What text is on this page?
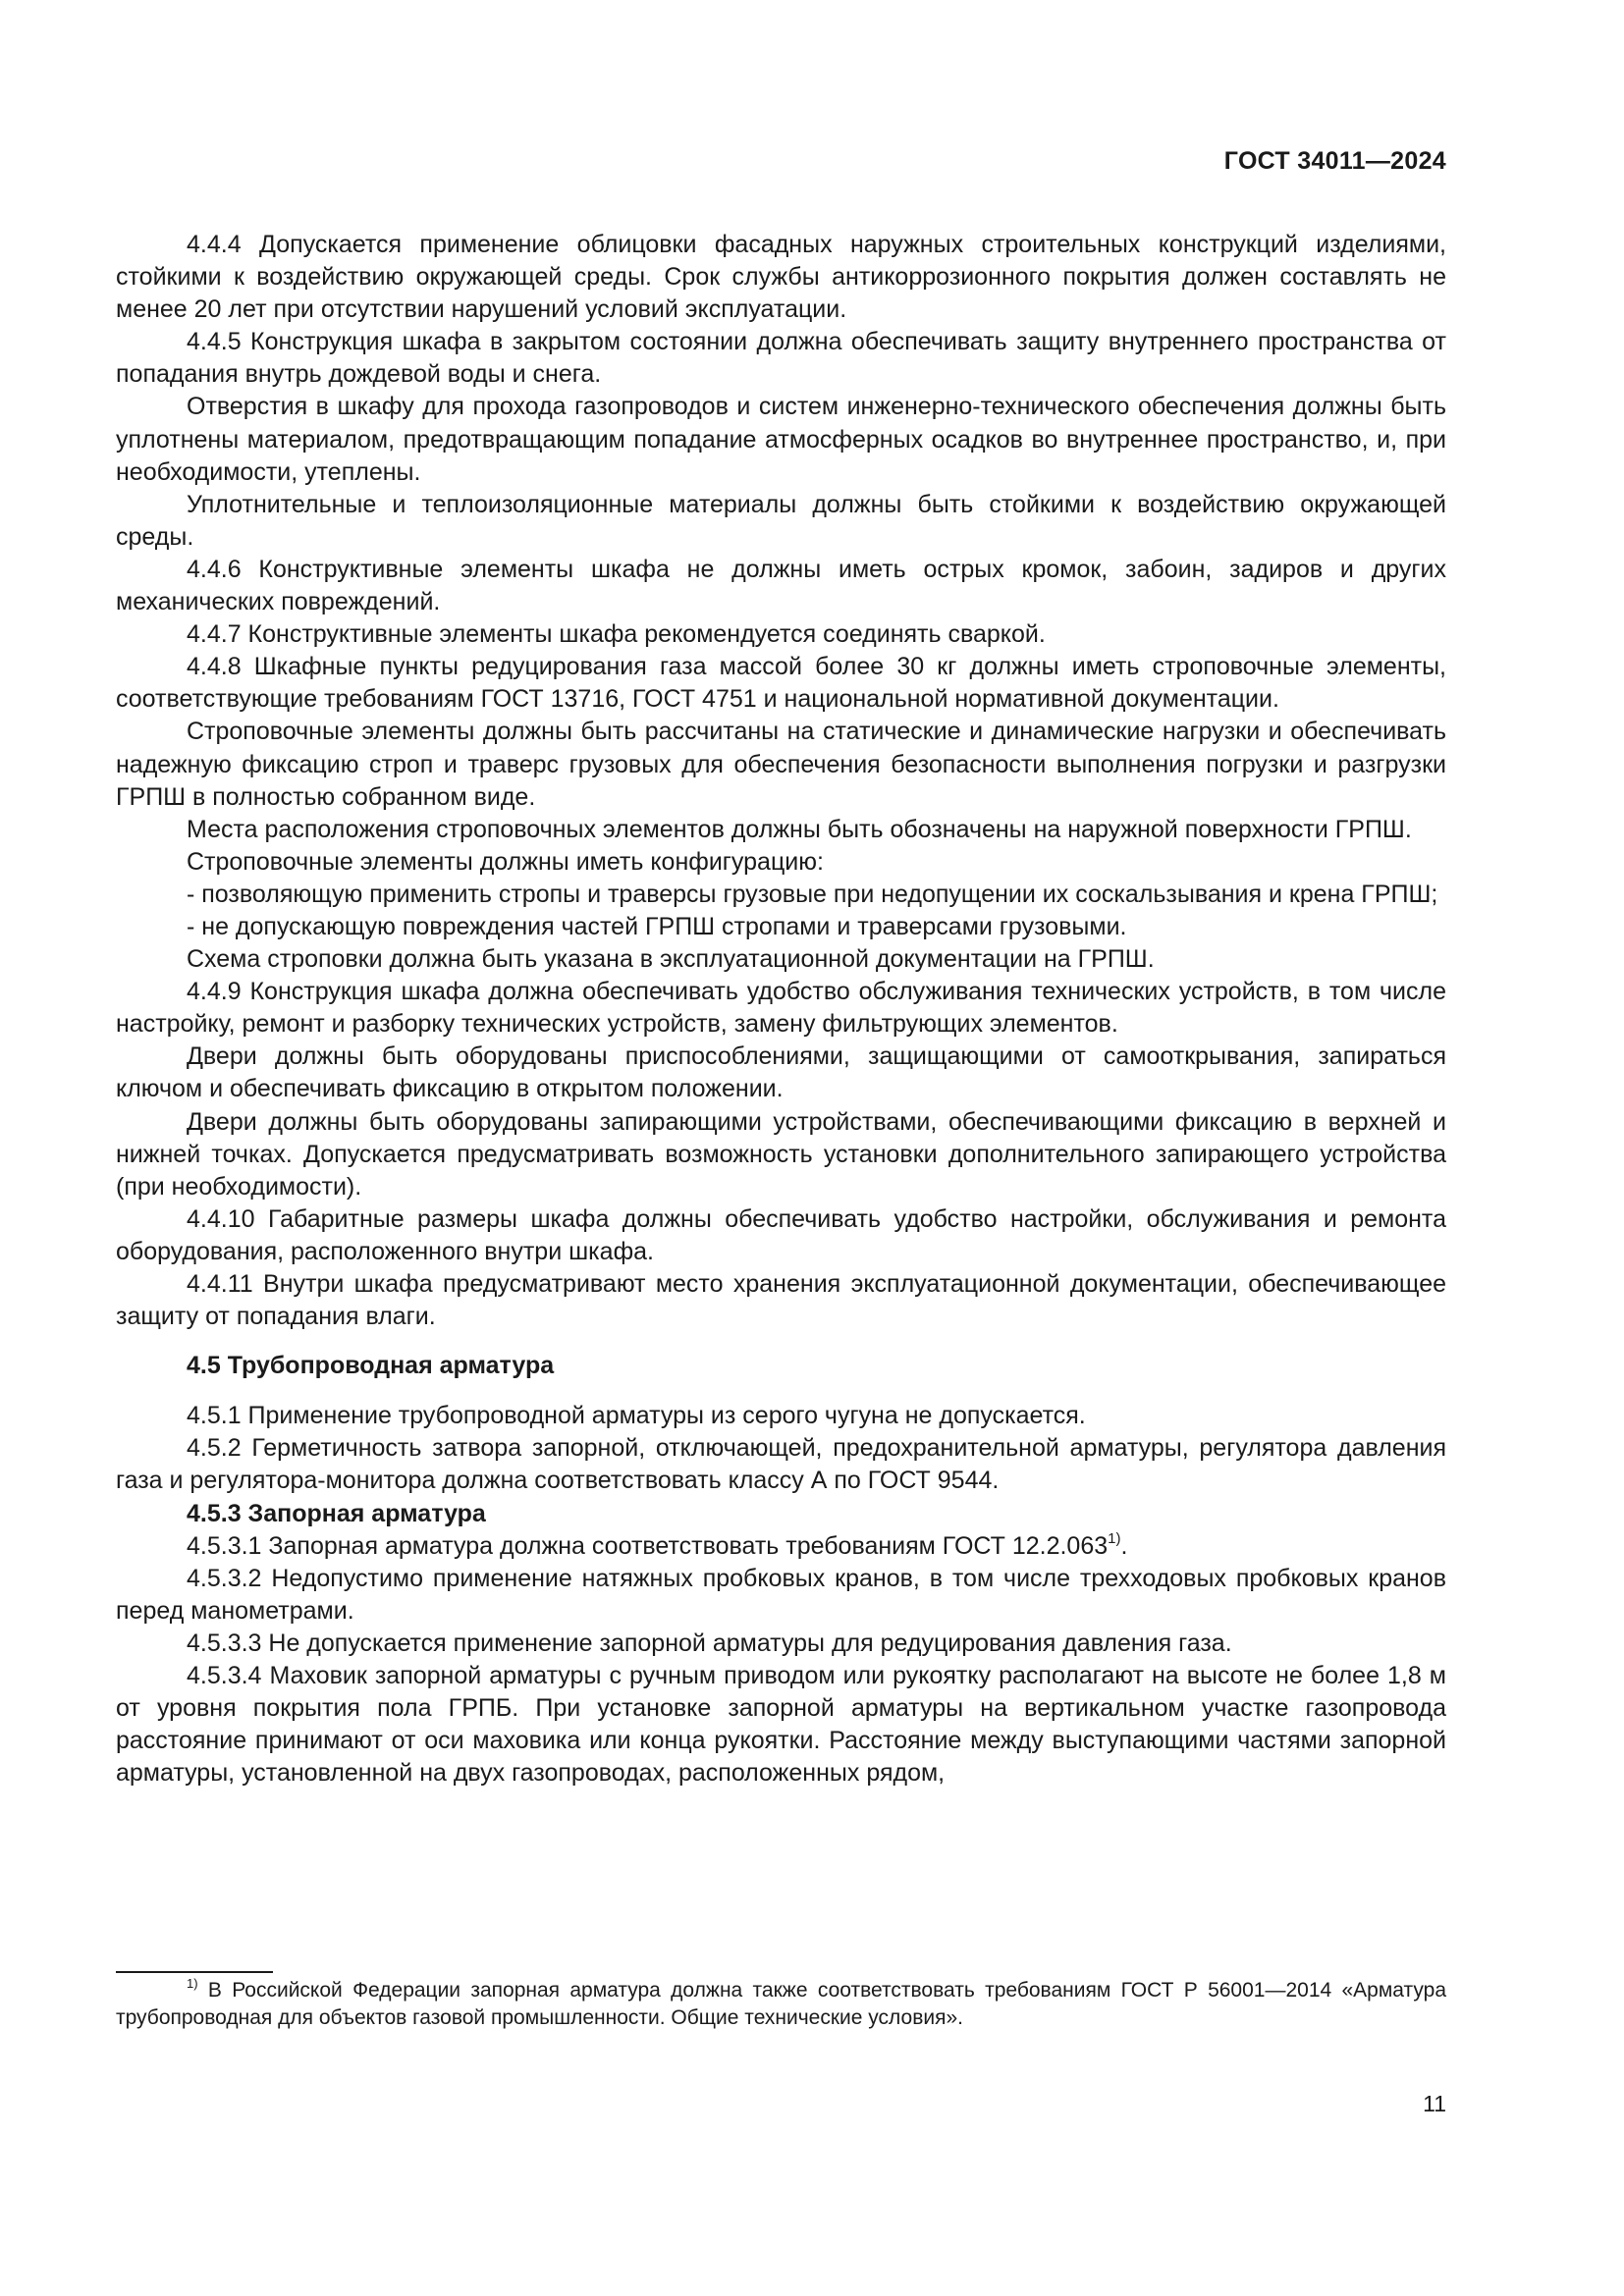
ГОСТ 34011—2024

4.4.4 Допускается применение облицовки фасадных наружных строительных конструкций изделиями, стойкими к воздействию окружающей среды. Срок службы антикоррозионного покрытия должен составлять не менее 20 лет при отсутствии нарушений условий эксплуатации.

4.4.5 Конструкция шкафа в закрытом состоянии должна обеспечивать защиту внутреннего пространства от попадания внутрь дождевой воды и снега.

Отверстия в шкафу для прохода газопроводов и систем инженерно-технического обеспечения должны быть уплотнены материалом, предотвращающим попадание атмосферных осадков во внутреннее пространство, и, при необходимости, утеплены.

Уплотнительные и теплоизоляционные материалы должны быть стойкими к воздействию окружающей среды.

4.4.6 Конструктивные элементы шкафа не должны иметь острых кромок, забоин, задиров и других механических повреждений.

4.4.7 Конструктивные элементы шкафа рекомендуется соединять сваркой.

4.4.8 Шкафные пункты редуцирования газа массой более 30 кг должны иметь строповочные элементы, соответствующие требованиям ГОСТ 13716, ГОСТ 4751 и национальной нормативной документации.

Строповочные элементы должны быть рассчитаны на статические и динамические нагрузки и обеспечивать надежную фиксацию строп и траверс грузовых для обеспечения безопасности выполнения погрузки и разгрузки ГРПШ в полностью собранном виде.

Места расположения строповочных элементов должны быть обозначены на наружной поверхности ГРПШ.

Строповочные элементы должны иметь конфигурацию:

- позволяющую применить стропы и траверсы грузовые при недопущении их соскальзывания и крена ГРПШ;

- не допускающую повреждения частей ГРПШ стропами и траверсами грузовыми.

Схема строповки должна быть указана в эксплуатационной документации на ГРПШ.

4.4.9 Конструкция шкафа должна обеспечивать удобство обслуживания технических устройств, в том числе настройку, ремонт и разборку технических устройств, замену фильтрующих элементов.

Двери должны быть оборудованы приспособлениями, защищающими от самооткрывания, запираться ключом и обеспечивать фиксацию в открытом положении.

Двери должны быть оборудованы запирающими устройствами, обеспечивающими фиксацию в верхней и нижней точках. Допускается предусматривать возможность установки дополнительного запирающего устройства (при необходимости).

4.4.10 Габаритные размеры шкафа должны обеспечивать удобство настройки, обслуживания и ремонта оборудования, расположенного внутри шкафа.

4.4.11 Внутри шкафа предусматривают место хранения эксплуатационной документации, обеспечивающее защиту от попадания влаги.

4.5 Трубопроводная арматура

4.5.1 Применение трубопроводной арматуры из серого чугуна не допускается.

4.5.2 Герметичность затвора запорной, отключающей, предохранительной арматуры, регулятора давления газа и регулятора-монитора должна соответствовать классу А по ГОСТ 9544.

4.5.3 Запорная арматура

4.5.3.1 Запорная арматура должна соответствовать требованиям ГОСТ 12.2.063$^{1)}$.

4.5.3.2 Недопустимо применение натяжных пробковых кранов, в том числе трехходовых пробковых кранов перед манометрами.

4.5.3.3 Не допускается применение запорной арматуры для редуцирования давления газа.

4.5.3.4 Маховик запорной арматуры с ручным приводом или рукоятку располагают на высоте не более 1,8 м от уровня покрытия пола ГРПБ. При установке запорной арматуры на вертикальном участке газопровода расстояние принимают от оси маховика или конца рукоятки. Расстояние между выступающими частями запорной арматуры, установленной на двух газопроводах, расположенных рядом,

$^{1)}$ В Российской Федерации запорная арматура должна также соответствовать требованиям ГОСТ Р 56001—2014 «Арматура трубопроводная для объектов газовой промышленности. Общие технические условия».

11
